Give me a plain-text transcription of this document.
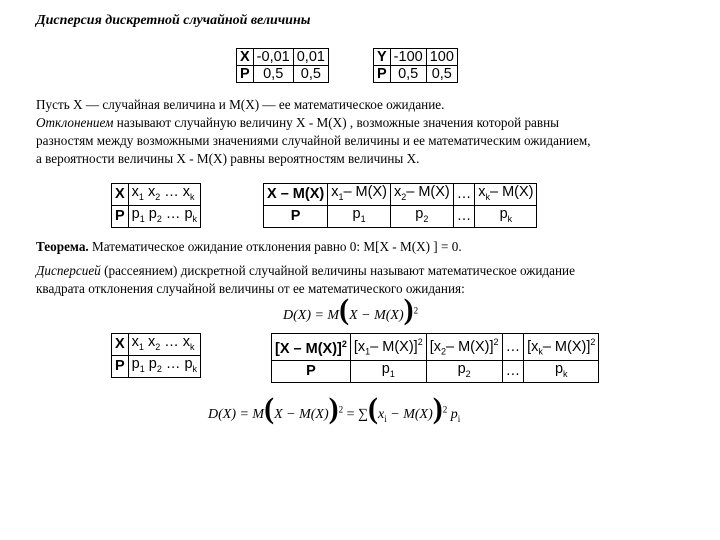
Дисперсия дискретной случайной величины
X	-0,01	0,01
P	0,5	0,5
Y	-100	100
P	0,5	0,5
Пусть X — случайная величина и M(X) — ее математическое ожидание.
Отклонением называют случайную величину X - M(X) , возможные значения которой равны
разностям между возможными значениями случайной величины и ее математическим ожиданием,
а вероятности величины X - M(X) равны вероятностям величины X.
X	$x_1$ $x_2$ … $x_k$
P	$p_1$ $p_2$ … $p_k$
X – M(X)	$x_1-$ M(X)	$x_2-$ M(X)	…	$x_k-$ M(X)
P	$p_1$	$p_2$	…	$p_k$
Теорема. Математическое ожидание отклонения равно 0: M[X - M(X) ] = 0.
Дисперсией (рассеянием) дискретной случайной величины называют математическое ожидание
квадрата отклонения случайной величины от ее математического ожидания:
$D(X) = M(X - M(X))^2$
X	$x_1$ $x_2$ … $x_k$
P	$p_1$ $p_2$ … $p_k$
[X – M(X)]$^2$	[$x_1-$ M(X)]$^2$	[$x_2-$ M(X)]$^2$	…	[$x_k-$ M(X)]$^2$
P	$p_1$	$p_2$	…	$p_k$
$D(X) = M(X - M(X))^2 = \sum(x_i - M(X))^2$ $p_i$
